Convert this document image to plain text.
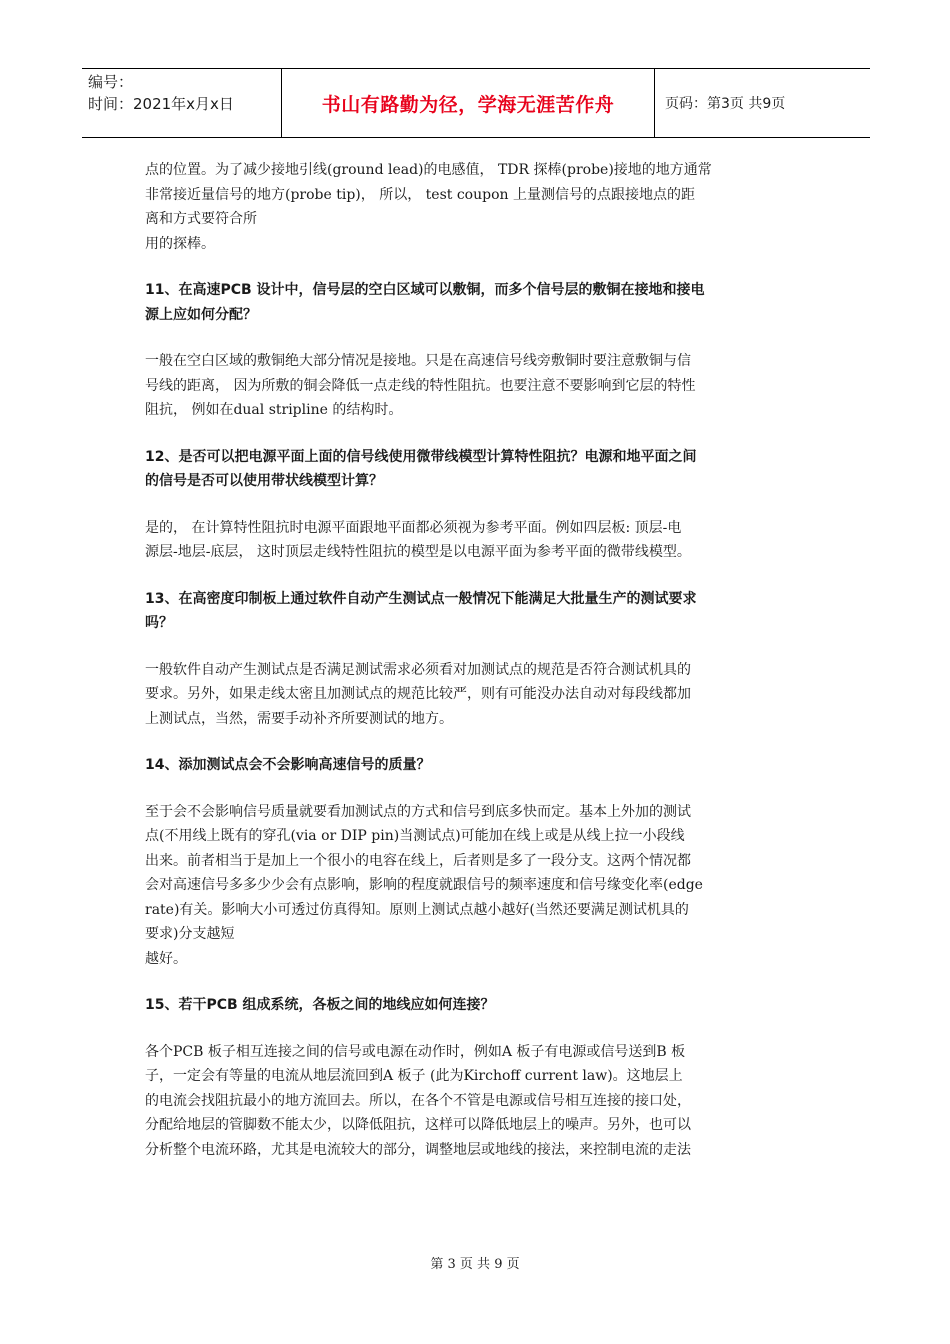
编号：
时间：2021年x月x日	书山有路勤为径，学海无涯苦作舟	页码：第3页 共9页
点的位置。为了减少接地引线(ground lead)的电感值， TDR 探棒(probe)接地的地方通常
非常接近量信号的地方(probe tip)， 所以， test coupon 上量测信号的点跟接地点的距
离和方式要符合所
用的探棒。
11、在高速PCB 设计中，信号层的空白区域可以敷铜，而多个信号层的敷铜在接地和接电
源上应如何分配？
一般在空白区域的敷铜绝大部分情况是接地。只是在高速信号线旁敷铜时要注意敷铜与信
号线的距离， 因为所敷的铜会降低一点走线的特性阻抗。也要注意不要影响到它层的特性
阻抗， 例如在dual stripline 的结构时。
12、是否可以把电源平面上面的信号线使用微带线模型计算特性阻抗？电源和地平面之间
的信号是否可以使用带状线模型计算？
是的， 在计算特性阻抗时电源平面跟地平面都必须视为参考平面。例如四层板: 顶层-电
源层-地层-底层， 这时顶层走线特性阻抗的模型是以电源平面为参考平面的微带线模型。
13、在高密度印制板上通过软件自动产生测试点一般情况下能满足大批量生产的测试要求
吗？
一般软件自动产生测试点是否满足测试需求必须看对加测试点的规范是否符合测试机具的
要求。另外，如果走线太密且加测试点的规范比较严，则有可能没办法自动对每段线都加
上测试点，当然，需要手动补齐所要测试的地方。
14、添加测试点会不会影响高速信号的质量？
至于会不会影响信号质量就要看加测试点的方式和信号到底多快而定。基本上外加的测试
点(不用线上既有的穿孔(via or DIP pin)当测试点)可能加在线上或是从线上拉一小段线
出来。前者相当于是加上一个很小的电容在线上，后者则是多了一段分支。这两个情况都
会对高速信号多多少少会有点影响，影响的程度就跟信号的频率速度和信号缘变化率(edge
rate)有关。影响大小可透过仿真得知。原则上测试点越小越好(当然还要满足测试机具的
要求)分支越短
越好。
15、若干PCB 组成系统，各板之间的地线应如何连接？
各个PCB 板子相互连接之间的信号或电源在动作时，例如A 板子有电源或信号送到B 板
子，一定会有等量的电流从地层流回到A 板子 (此为Kirchoff current law)。这地层上
的电流会找阻抗最小的地方流回去。所以，在各个不管是电源或信号相互连接的接口处，
分配给地层的管脚数不能太少，以降低阻抗，这样可以降低地层上的噪声。另外，也可以
分析整个电流环路，尤其是电流较大的部分，调整地层或地线的接法，来控制电流的走法
第 3 页 共 9 页
